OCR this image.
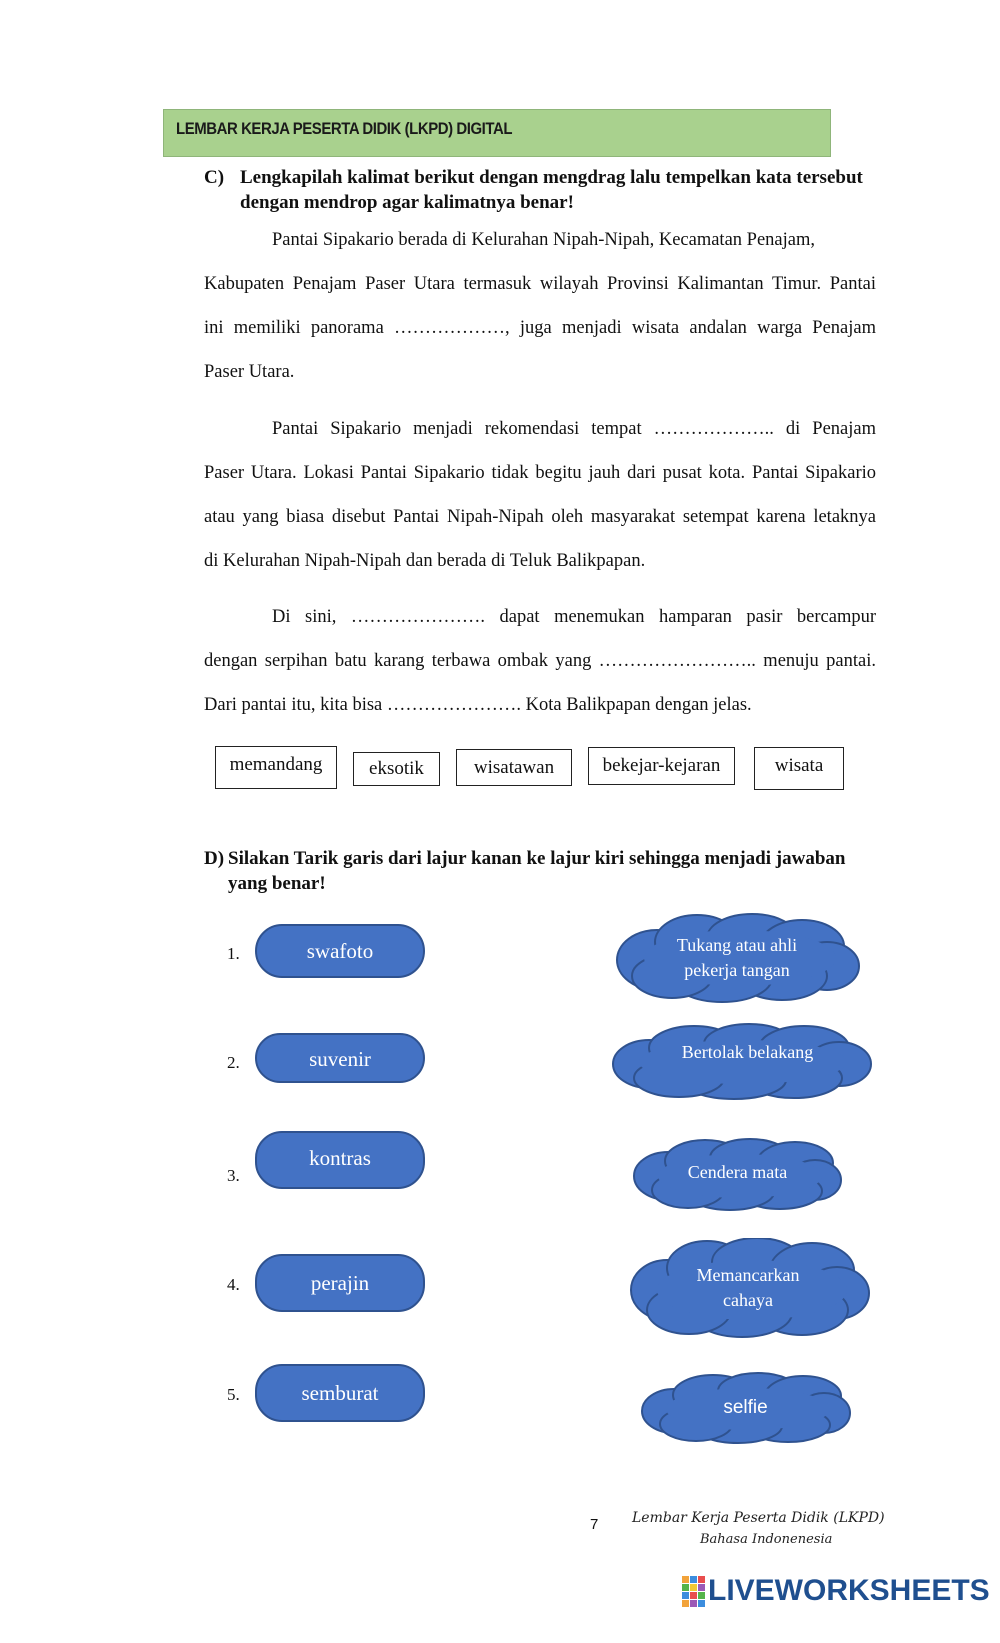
LEMBAR KERJA PESERTA DIDIK (LKPD) DIGITAL
C) Lengkapilah kalimat berikut dengan mengdrag lalu tempelkan kata tersebut
dengan mendrop agar kalimatnya benar!
Pantai Sipakario berada di Kelurahan Nipah-Nipah, Kecamatan Penajam,
Kabupaten Penajam Paser Utara termasuk wilayah Provinsi Kalimantan Timur. Pantai
ini memiliki panorama ………………, juga menjadi wisata andalan warga Penajam
Paser Utara.
Pantai Sipakario menjadi rekomendasi tempat ……………….. di Penajam
Paser Utara. Lokasi Pantai Sipakario tidak begitu jauh dari pusat kota. Pantai Sipakario
atau yang biasa disebut Pantai Nipah-Nipah oleh masyarakat setempat karena letaknya
di Kelurahan Nipah-Nipah dan berada di Teluk Balikpapan.
Di sini, …………………. dapat menemukan hamparan pasir bercampur
dengan serpihan batu karang terbawa ombak yang …………………….. menuju pantai.
Dari pantai itu, kita bisa …………………. Kota Balikpapan dengan jelas.
memandang	eksotik	wisatawan	bekejar-kejaran	wisata
D) Silakan Tarik garis dari lajur kanan ke lajur kiri sehingga menjadi jawaban
yang benar!
1.	swafoto
2.	suvenir
3.
kontras
4.	perajin
5.	semburat
Tukang atau ahli
pekerja tangan
Bertolak belakang
Cendera mata
Memancarkan
cahaya
selfie
7 Lembar Kerja Peserta Didik (LKPD)
Bahasa Indonenesia
LIVEWORKSHEETS
